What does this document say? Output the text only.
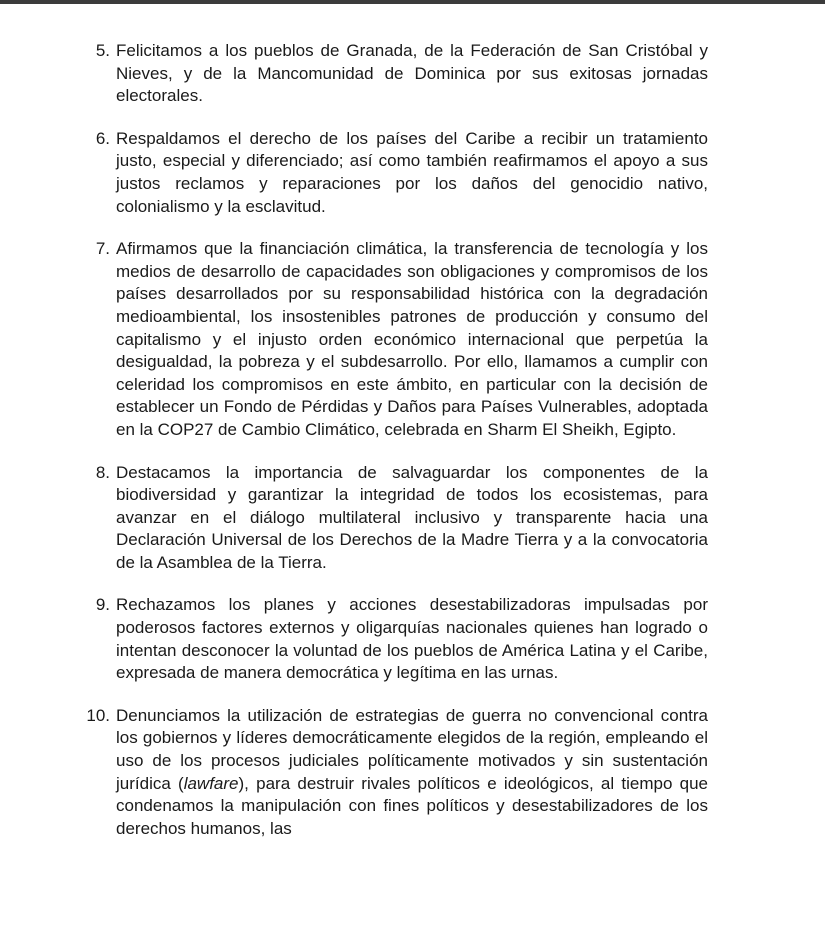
5. Felicitamos a los pueblos de Granada, de la Federación de San Cristóbal y Nieves, y de la Mancomunidad de Dominica por sus exitosas jornadas electorales.
6. Respaldamos el derecho de los países del Caribe a recibir un tratamiento justo, especial y diferenciado; así como también reafirmamos el apoyo a sus justos reclamos y reparaciones por los daños del genocidio nativo, colonialismo y la esclavitud.
7. Afirmamos que la financiación climática, la transferencia de tecnología y los medios de desarrollo de capacidades son obligaciones y compromisos de los países desarrollados por su responsabilidad histórica con la degradación medioambiental, los insostenibles patrones de producción y consumo del capitalismo y el injusto orden económico internacional que perpetúa la desigualdad, la pobreza y el subdesarrollo. Por ello, llamamos a cumplir con celeridad los compromisos en este ámbito, en particular con la decisión de establecer un Fondo de Pérdidas y Daños para Países Vulnerables, adoptada en la COP27 de Cambio Climático, celebrada en Sharm El Sheikh, Egipto.
8. Destacamos la importancia de salvaguardar los componentes de la biodiversidad y garantizar la integridad de todos los ecosistemas, para avanzar en el diálogo multilateral inclusivo y transparente hacia una Declaración Universal de los Derechos de la Madre Tierra y a la convocatoria de la Asamblea de la Tierra.
9. Rechazamos los planes y acciones desestabilizadoras impulsadas por poderosos factores externos y oligarquías nacionales quienes han logrado o intentan desconocer la voluntad de los pueblos de América Latina y el Caribe, expresada de manera democrática y legítima en las urnas.
10. Denunciamos la utilización de estrategias de guerra no convencional contra los gobiernos y líderes democráticamente elegidos de la región, empleando el uso de los procesos judiciales políticamente motivados y sin sustentación jurídica (lawfare), para destruir rivales políticos e ideológicos, al tiempo que condenamos la manipulación con fines políticos y desestabilizadores de los derechos humanos, las
